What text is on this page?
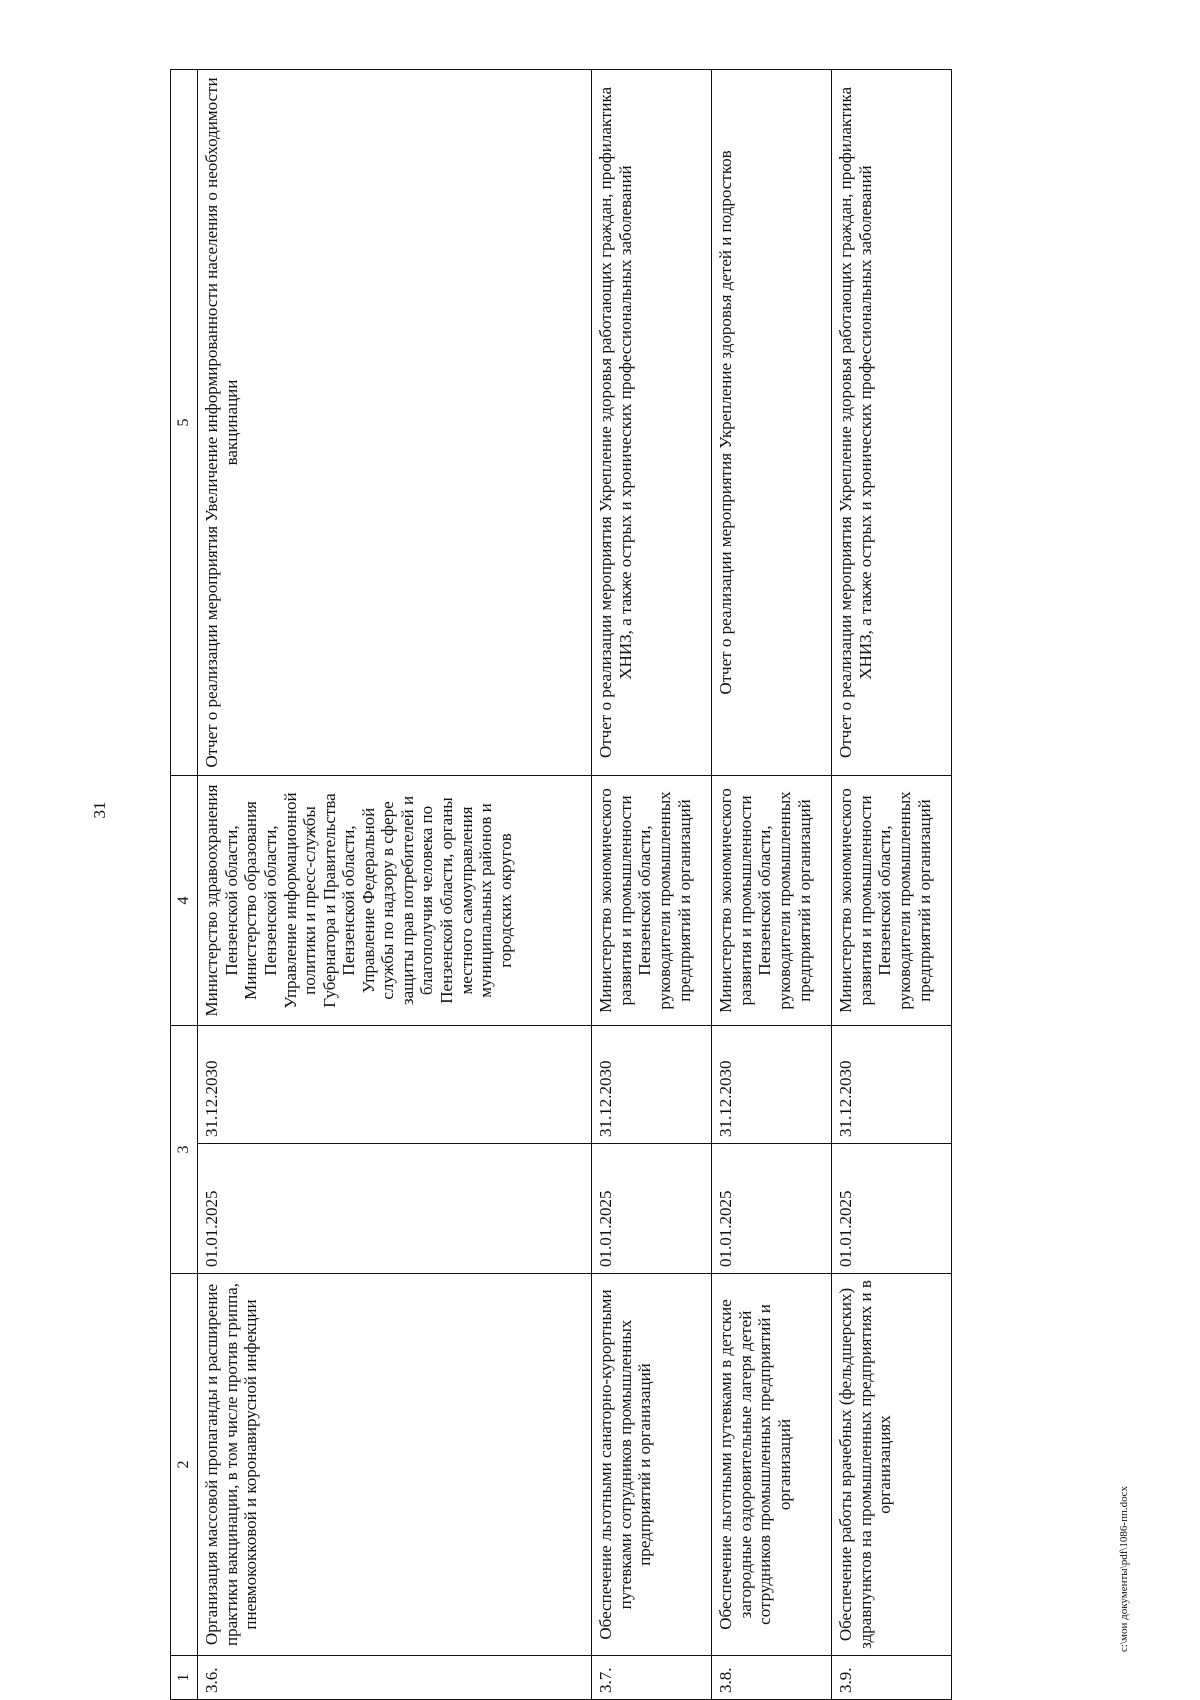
31
1	2	3		4	5
3.6.	Организация массовой пропаганды и расширение практики вакцинации, в том числе против гриппа, пневмококковой и коронавирусной инфекции	01.01.2025	31.12.2030	Министерство здравоохранения Пензенской области, Министерство образования Пензенской области, Управление информационной политики и пресс-службы Губернатора и Правительства Пензенской области, Управление Федеральной службы по надзору в сфере защиты прав потребителей и благополучия человека по Пензенской области, органы местного самоуправления муниципальных районов и городских округов	Отчет о реализации мероприятия Увеличение информированности населения о необходимости вакцинации
3.7.	Обеспечение льготными санаторно-курортными путевками сотрудников промышленных предприятий и организаций	01.01.2025	31.12.2030	Министерство экономического развития и промышленности Пензенской области, руководители промышленных предприятий и организаций	Отчет о реализации мероприятия Укрепление здоровья работающих граждан, профилактика ХНИЗ, а также острых и хронических профессиональных заболеваний
3.8.	Обеспечение льготными путевками в детские загородные оздоровительные лагеря детей сотрудников промышленных предприятий и организаций	01.01.2025	31.12.2030	Министерство экономического развития и промышленности Пензенской области, руководители промышленных предприятий и организаций	Отчет о реализации мероприятия Укрепление здоровья детей и подростков
3.9.	Обеспечение работы врачебных (фельдшерских) здравпунктов на промышленных предприятиях и в организациях	01.01.2025	31.12.2030	Министерство экономического развития и промышленности Пензенской области, руководители промышленных предприятий и организаций	Отчет о реализации мероприятия Укрепление здоровья работающих граждан, профилактика ХНИЗ, а также острых и хронических профессиональных заболеваний
c:\мои документы\pdf\1086-пп.docx
